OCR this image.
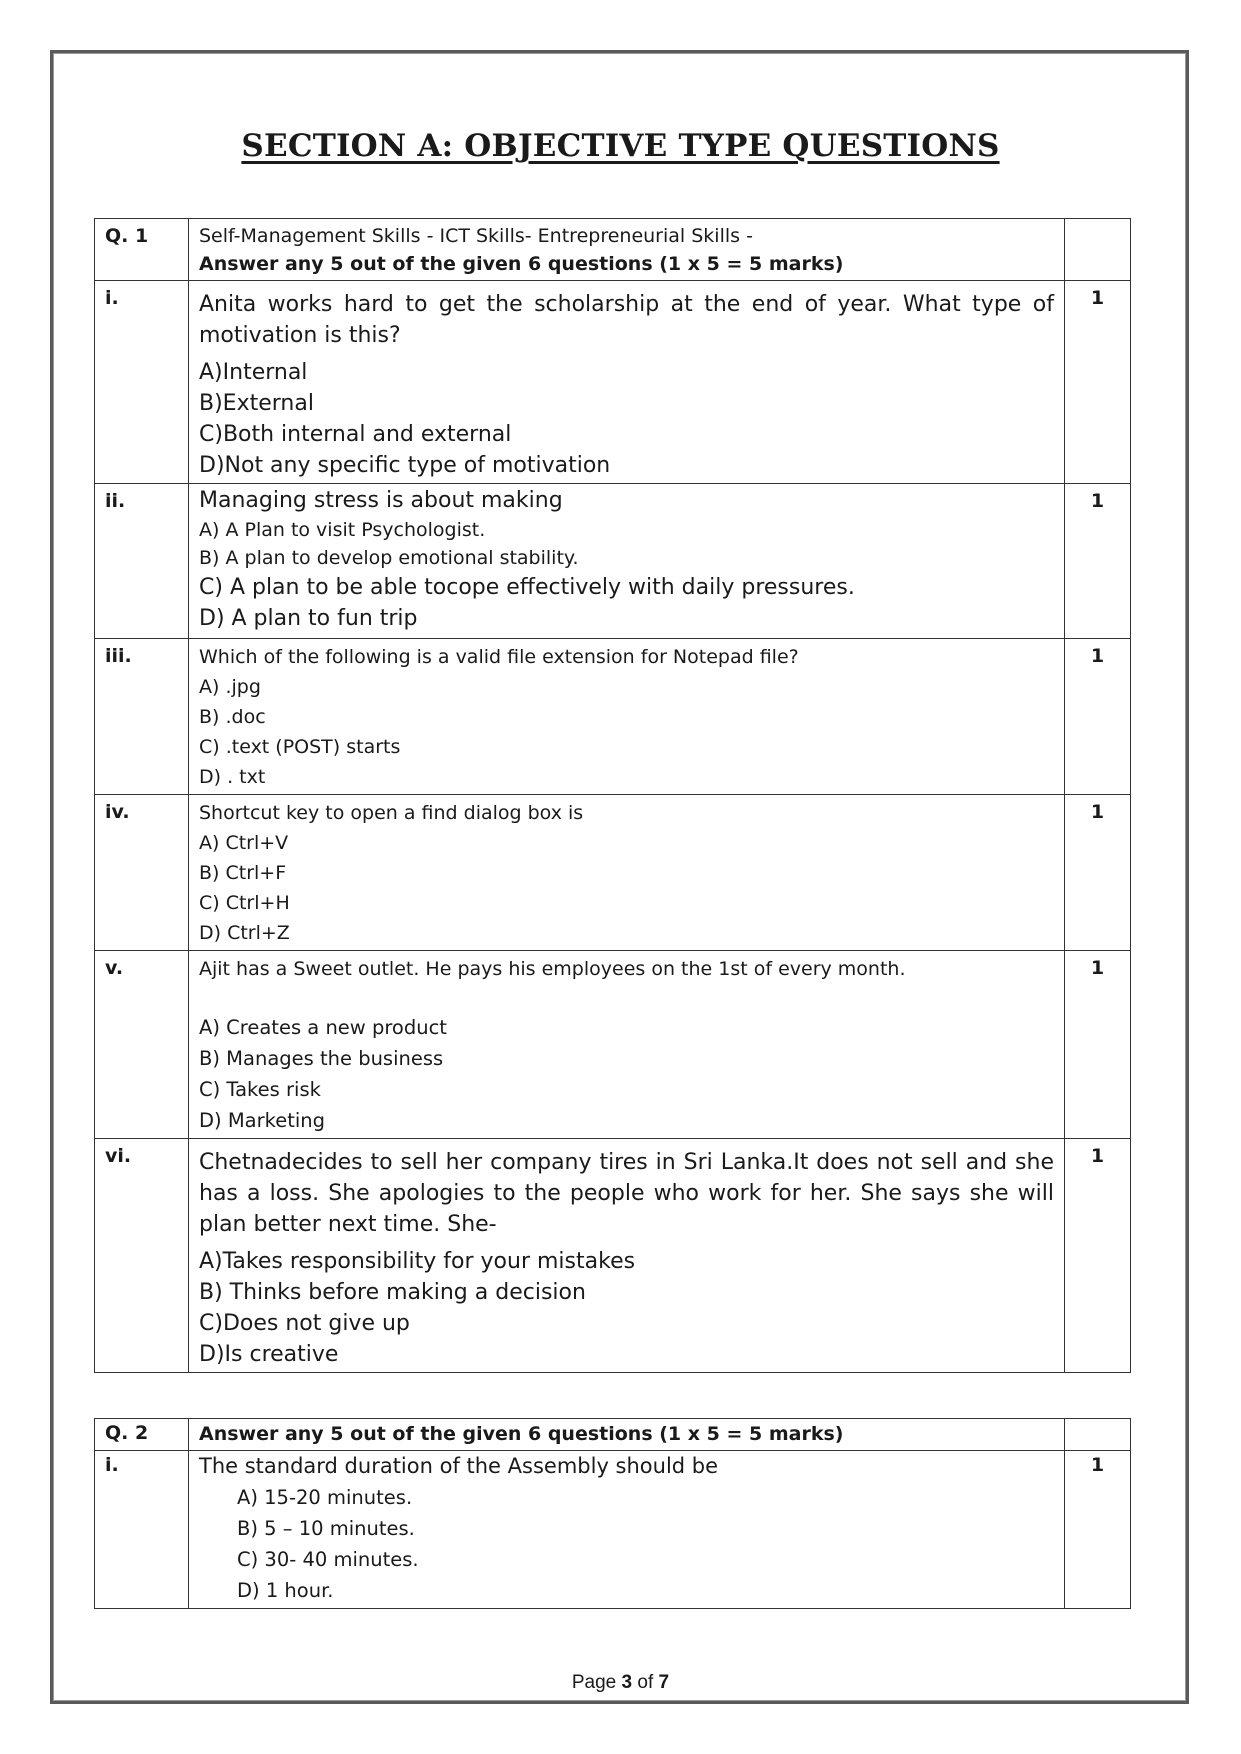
SECTION A: OBJECTIVE TYPE QUESTIONS
Q. 1	Self-Management Skills - ICT Skills- Entrepreneurial Skills -
Answer any 5 out of the given 6 questions (1 x 5 = 5 marks)	

i.	Anita works hard to get the scholarship at the end of year. What type of motivation is this?
A)Internal
B)External
C)Both internal and external
D)Not any specific type of motivation	1
ii.	Managing stress is about making
A) A Plan to visit Psychologist.
B) A plan to develop emotional stability.
C) A plan to be able tocope effectively with daily pressures.
D) A plan to fun trip	1
iii.	Which of the following is a valid file extension for Notepad file?
A) .jpg
B) .doc
C) .text (POST) starts
D) . txt	1
iv.	Shortcut key to open a find dialog box is
A) Ctrl+V
B) Ctrl+F
C) Ctrl+H
D) Ctrl+Z	1
v.	Ajit has a Sweet outlet. He pays his employees on the 1st of every month.
A) Creates a new product
B) Manages the business
C) Takes risk
D) Marketing	1
vi.	Chetnadecides to sell her company tires in Sri Lanka.It does not sell and she has a loss. She apologies to the people who work for her. She says she will plan better next time. She-
A)Takes responsibility for your mistakes
B) Thinks before making a decision
C)Does not give up
D)Is creative	1
Q. 2	Answer any 5 out of the given 6 questions (1 x 5 = 5 marks)	

i.	The standard duration of the Assembly should be
A) 15-20 minutes.
B) 5 – 10 minutes.
C) 30- 40 minutes.
D) 1 hour.	1
Page 3 of 7
